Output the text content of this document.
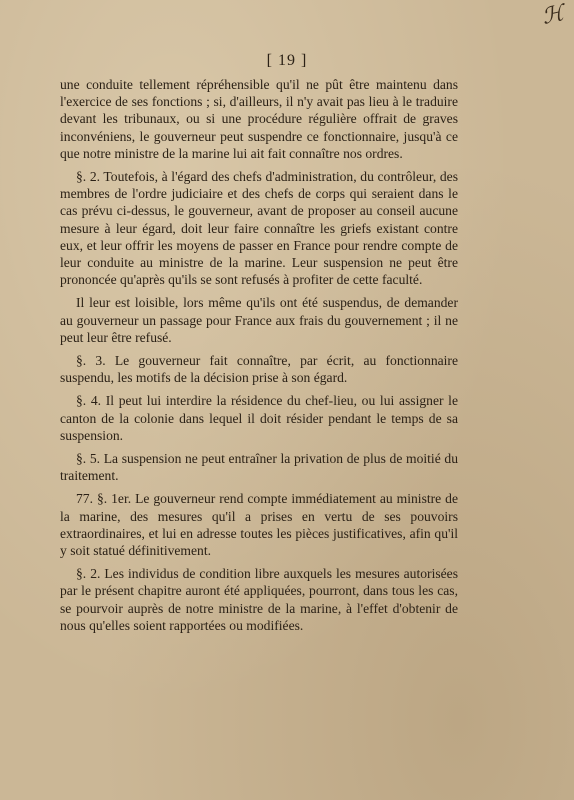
ℋ
[ 19 ]

une conduite tellement répréhensible qu'il ne pût être maintenu dans l'exercice de ses fonctions ; si, d'ailleurs, il n'y avait pas lieu à le traduire devant les tribunaux, ou si une procédure régulière offrait de graves inconvéniens, le gouverneur peut suspendre ce fonctionnaire, jusqu'à ce que notre ministre de la marine lui ait fait connaître nos ordres.

§. 2. Toutefois, à l'égard des chefs d'administration, du contrôleur, des membres de l'ordre judiciaire et des chefs de corps qui seraient dans le cas prévu ci-dessus, le gouverneur, avant de proposer au conseil aucune mesure à leur égard, doit leur faire connaître les griefs existant contre eux, et leur offrir les moyens de passer en France pour rendre compte de leur conduite au ministre de la marine. Leur suspension ne peut être prononcée qu'après qu'ils se sont refusés à profiter de cette faculté.

Il leur est loisible, lors même qu'ils ont été suspendus, de demander au gouverneur un passage pour France aux frais du gouvernement ; il ne peut leur être refusé.

§. 3. Le gouverneur fait connaître, par écrit, au fonctionnaire suspendu, les motifs de la décision prise à son égard.

§. 4. Il peut lui interdire la résidence du chef-lieu, ou lui assigner le canton de la colonie dans lequel il doit résider pendant le temps de sa suspension.

§. 5. La suspension ne peut entraîner la privation de plus de moitié du traitement.

77. §. 1er. Le gouverneur rend compte immédiatement au ministre de la marine, des mesures qu'il a prises en vertu de ses pouvoirs extraordinaires, et lui en adresse toutes les pièces justificatives, afin qu'il y soit statué définitivement.

§. 2. Les individus de condition libre auxquels les mesures autorisées par le présent chapitre auront été appliquées, pourront, dans tous les cas, se pourvoir auprès de notre ministre de la marine, à l'effet d'obtenir de nous qu'elles soient rapportées ou modifiées.
